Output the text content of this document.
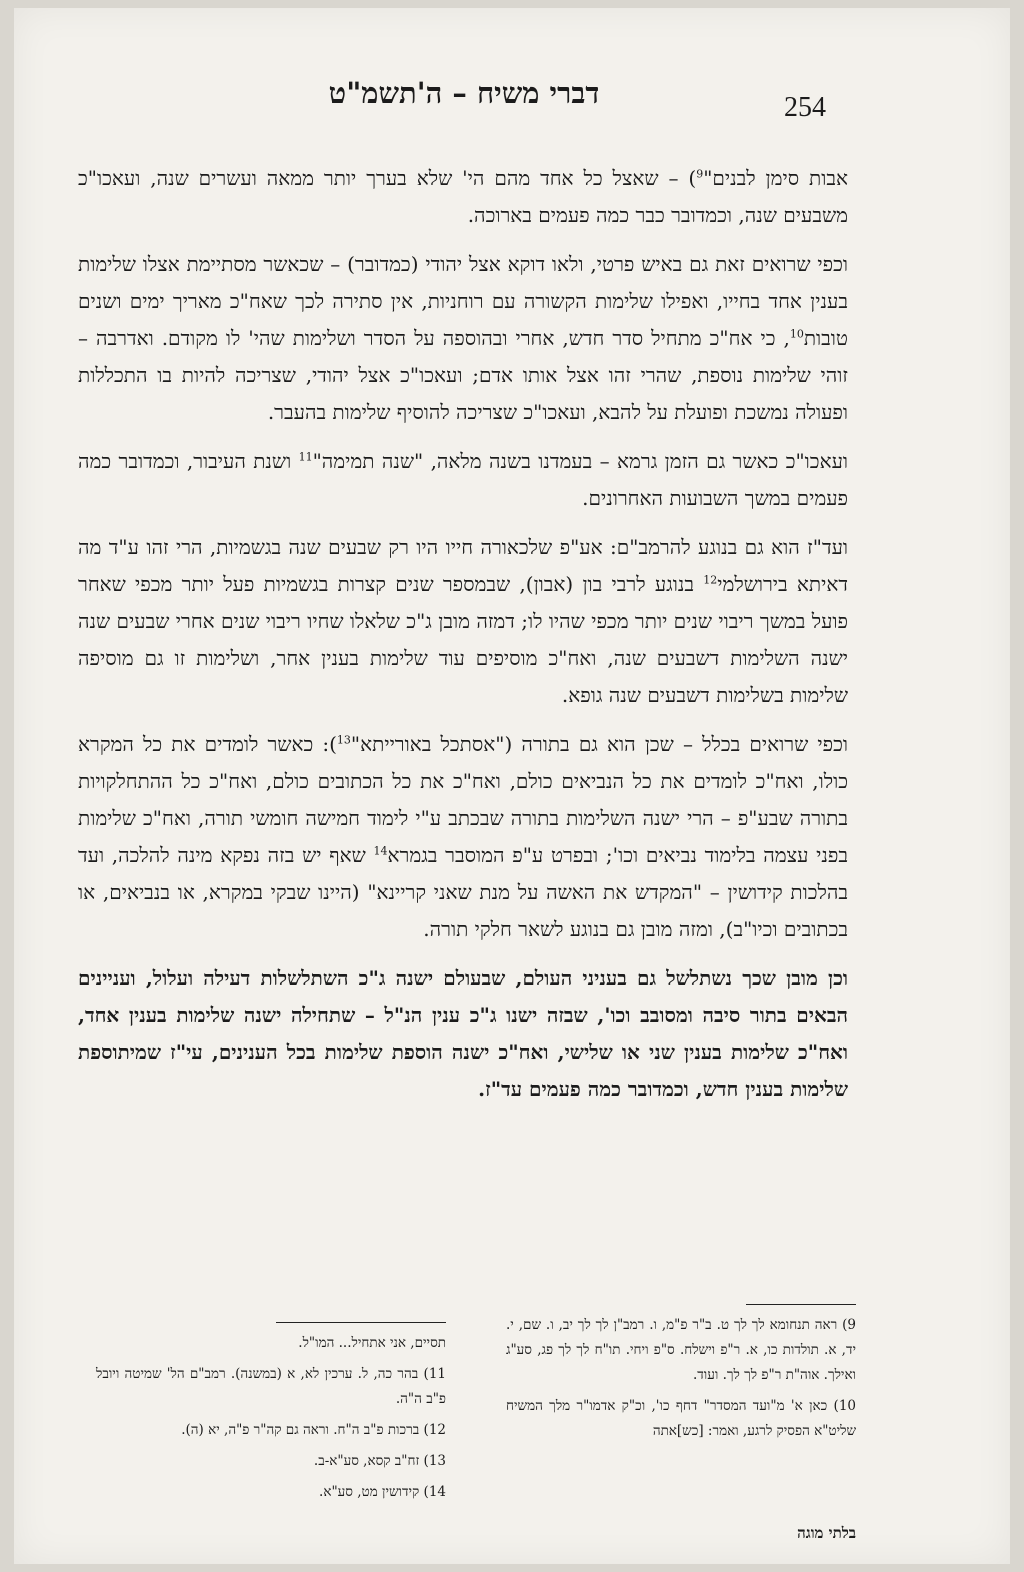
דברי משיח – ה'תשמ"ט	254

אבות סימן לבנים"$^9$) – שאצל כל אחד מהם הי' שלא בערך יותר ממאה ועשרים שנה, ועאכו"כ משבעים שנה, וכמדובר כבר כמה פעמים בארוכה.

וכפי שרואים זאת גם באיש פרטי, ולאו דוקא אצל יהודי (כמדובר) – שכאשר מסתיימת אצלו שלימות בענין אחד בחייו, ואפילו שלימות הקשורה עם רוחניות, אין סתירה לכך שאח"כ מאריך ימים ושנים טובות$^{10}$, כי אח"כ מתחיל סדר חדש, אחרי ובהוספה על הסדר ושלימות שהי' לו מקודם. ואדרבה – זוהי שלימות נוספת, שהרי זהו אצל אותו אדם; ועאכו"כ אצל יהודי, שצריכה להיות בו התכללות ופעולה נמשכת ופועלת על להבא, ועאכו"כ שצריכה להוסיף שלימות בהעבר.

ועאכו"כ כאשר גם הזמן גרמא – בעמדנו בשנה מלאה, "שנה תמימה"$^{11}$ ושנת העיבור, וכמדובר כמה פעמים במשך השבועות האחרונים.

ועד"ז הוא גם בנוגע להרמב"ם: אע"פ שלכאורה חייו היו רק שבעים שנה בגשמיות, הרי זהו ע"ד מה דאיתא בירושלמי$^{12}$ בנוגע לרבי בון (אבון), שבמספר שנים קצרות בגשמיות פעל יותר מכפי שאחר פועל במשך ריבוי שנים יותר מכפי שהיו לו; דמזה מובן ג"כ שלאלו שחיו ריבוי שנים אחרי שבעים שנה ישנה השלימות דשבעים שנה, ואח"כ מוסיפים עוד שלימות בענין אחר, ושלימות זו גם מוסיפה שלימות בשלימות דשבעים שנה גופא.

וכפי שרואים בכלל – שכן הוא גם בתורה ("אסתכל באורייתא"$^{13}$): כאשר לומדים את כל המקרא כולו, ואח"כ לומדים את כל הנביאים כולם, ואח"כ את כל הכתובים כולם, ואח"כ כל ההתחלקויות בתורה שבע"פ – הרי ישנה השלימות בתורה שבכתב ע"י לימוד חמישה חומשי תורה, ואח"כ שלימות בפני עצמה בלימוד נביאים וכו'; ובפרט ע"פ המוסבר בגמרא$^{14}$ שאף יש בזה נפקא מינה להלכה, ועד בהלכות קידושין – "המקדש את האשה על מנת שאני קריינא" (היינו שבקי במקרא, או בנביאים, או בכתובים וכיו"ב), ומזה מובן גם בנוגע לשאר חלקי תורה.

וכן מובן שכך נשתלשל גם בעניני העולם, שבעולם ישנה ג"כ השתלשלות דעילה ועלול, ועניינים הבאים בתור סיבה ומסובב וכו', שבזה ישנו ג"כ ענין הנ"ל – שתחילה ישנה שלימות בענין אחד, ואח"כ שלימות בענין שני או שלישי, ואח"כ ישנה הוספת שלימות בכל הענינים, עי"ז שמיתוספת שלימות בענין חדש, וכמדובר כמה פעמים עד"ז.

9) ראה תנחומא לך לך ט. ב"ר פ"מ, ו. רמב"ן לך לך יב, ו. שם, י. יד, א. תולדות כו, א. ר"פ וישלח. ס"פ ויחי. תו"ח לך לך פג, סע"ג ואילך. אוה"ת ר"פ לך לך. ועוד.

10) כאן א' מ"ועד המסדר" דחף כו', וכ"ק אדמו"ר מלך המשיח שליט"א הפסיק לרגע, ואמר: [כש]אתה

תסיים, אני אתחיל... המו"ל.

11) בהר כה, ל. ערכין לא, א (במשנה). רמב"ם הל' שמיטה ויובל פ"ב ה"ה.

12) ברכות פ"ב ה"ח. וראה גם קה"ר פ"ה, יא (ה).

13) זח"ב קסא, סע"א-ב.

14) קידושין מט, סע"א.

בלתי מוגה
